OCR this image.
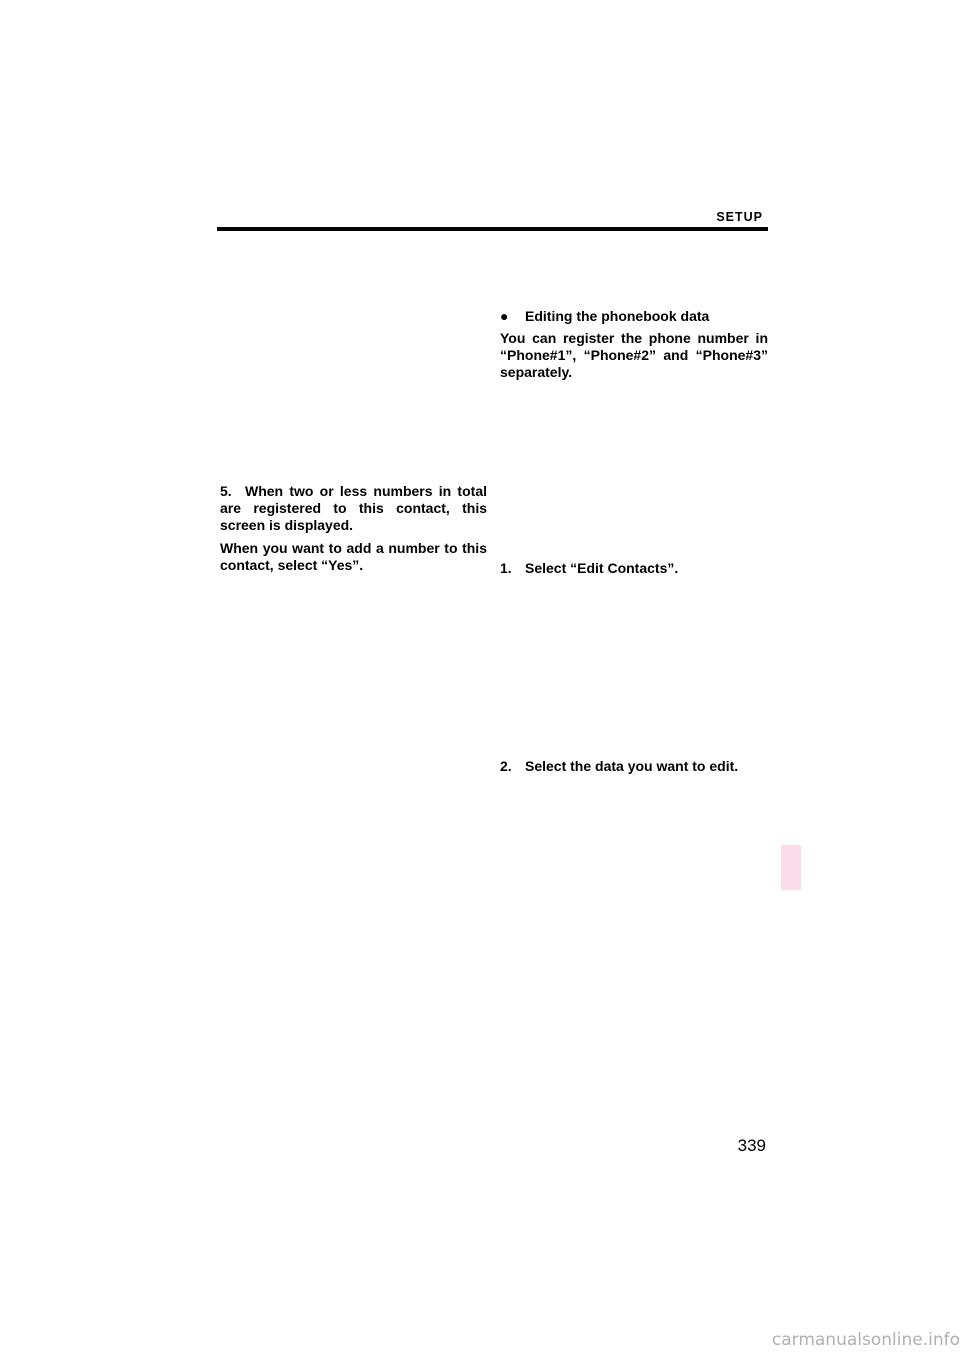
SETUP

5. When two or less numbers in total are registered to this contact, this screen is displayed.

When you want to add a number to this contact, select “Yes”.

● Editing the phonebook data

You can register the phone number in “Phone#1”, “Phone#2” and “Phone#3” separately.

1. Select “Edit Contacts”.

2. Select the data you want to edit.

339
carmanualsonline.info
